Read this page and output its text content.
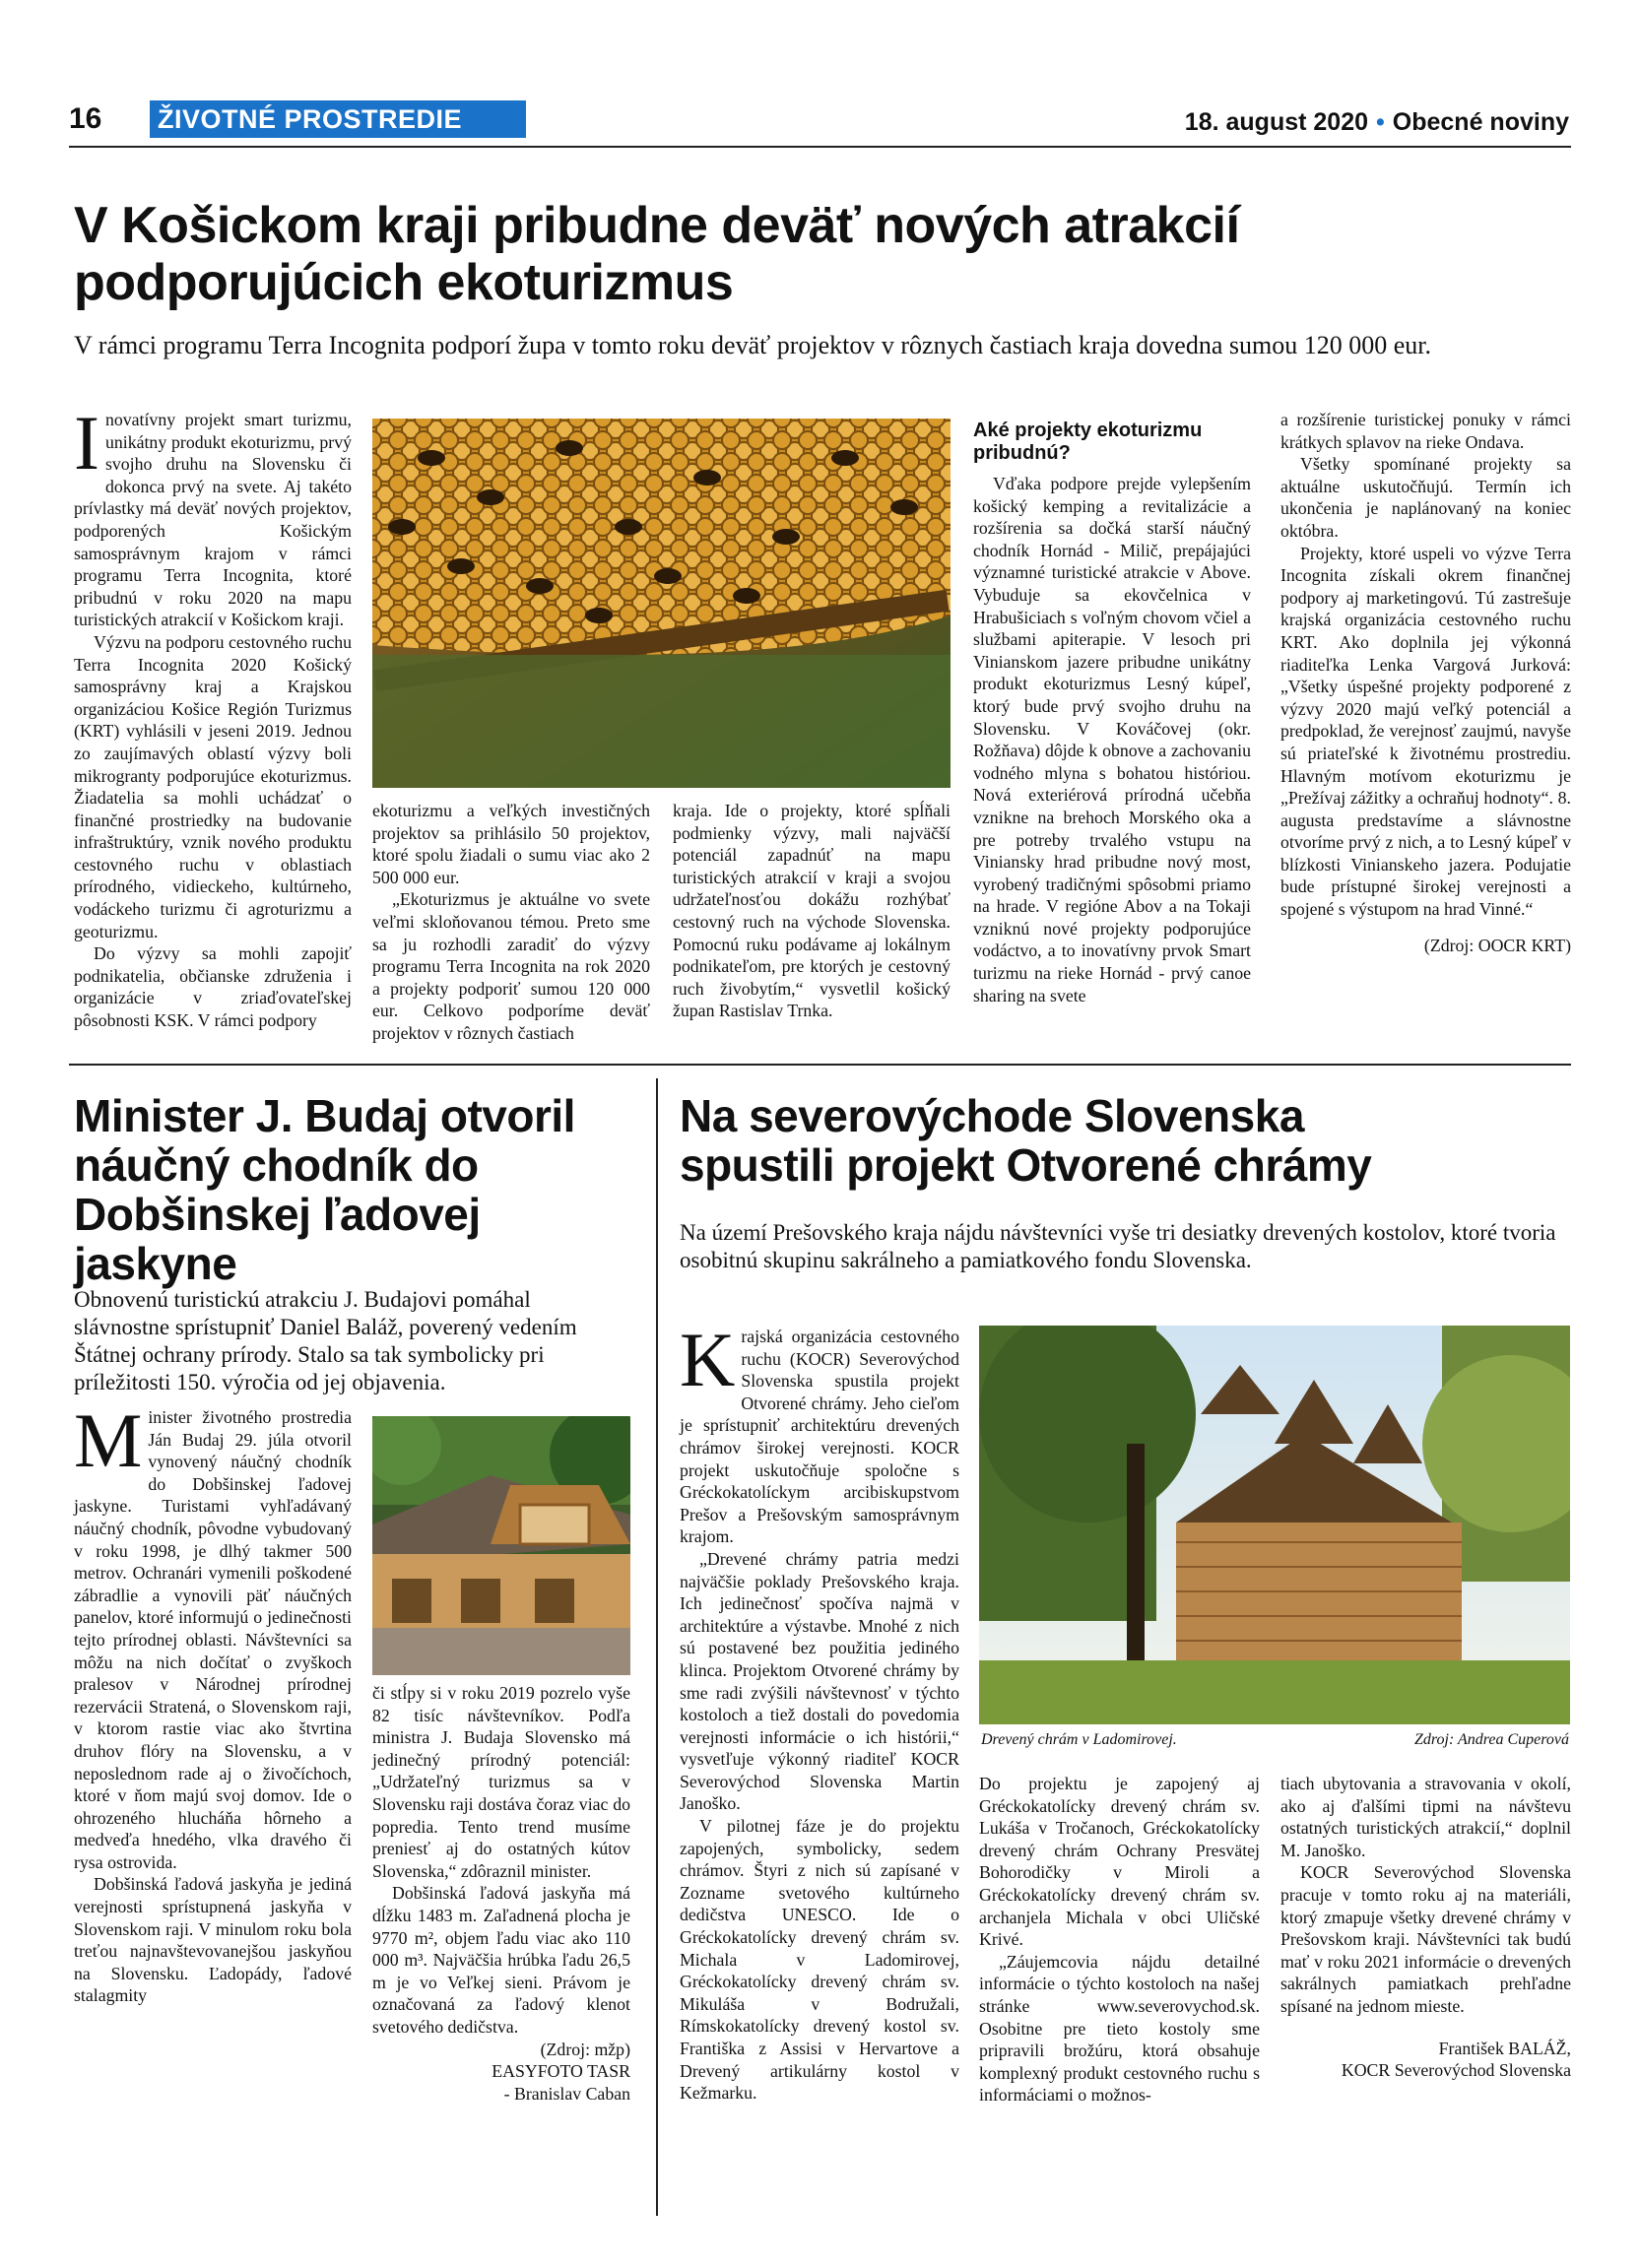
16 ŽIVOTNÉ PROSTREDIE	18. august 2020 • Obecné noviny
V Košickom kraji pribudne deväť nových atrakcií
podporujúcich ekoturizmus
V rámci programu Terra Incognita podporí župa v tomto roku deväť projektov v rôznych častiach kraja dovedna sumou 120 000 eur.

Inovatívny projekt smart turizmu, unikátny produkt ekoturizmu, prvý svojho druhu na Slovensku či dokonca prvý na svete. Aj takéto prívlastky má deväť nových projektov, podporených Košickým samosprávnym krajom v rámci programu Terra Incognita, ktoré pribudnú v roku 2020 na mapu turistických atrakcií v Košickom kraji.

Výzvu na podporu cestovného ruchu Terra Incognita 2020 Košický samosprávny kraj a Krajskou organizáciou Košice Región Turizmus (KRT) vyhlásili v jeseni 2019. Jednou zo zaujímavých oblastí výzvy boli mikrogranty podporujúce ekoturizmus. Žiadatelia sa mohli uchádzať o finančné prostriedky na budovanie infraštruktúry, vznik nového produktu cestovného ruchu v oblastiach prírodného, vidieckeho, kultúrneho, vodáckeho turizmu či agroturizmu a geoturizmu.

Do výzvy sa mohli zapojiť podnikatelia, občianske združenia i organizácie v zriaďovateľskej pôsobnosti KSK. V rámci podpory

ekoturizmu a veľkých investičných projektov sa prihlásilo 50 projektov, ktoré spolu žiadali o sumu viac ako 2 500 000 eur.

„Ekoturizmus je aktuálne vo svete veľmi skloňovanou témou. Preto sme sa ju rozhodli zaradiť do výzvy programu Terra Incognita na rok 2020 a projekty podporiť sumou 120 000 eur. Celkovo podporíme deväť projektov v rôznych častiach

kraja. Ide o projekty, ktoré spĺňali podmienky výzvy, mali najväčší potenciál zapadnúť na mapu turistických atrakcií v kraji a svojou udržateľnosťou dokážu rozhýbať cestovný ruch na východe Slovenska. Pomocnú ruku podávame aj lokálnym podnikateľom, pre ktorých je cestovný ruch živobytím,“ vysvetlil košický župan Rastislav Trnka.

Aké projekty ekoturizmu pribudnú?

Vďaka podpore prejde vylepšením košický kemping a revitalizácie a rozšírenia sa dočká starší náučný chodník Hornád - Milič, prepájajúci významné turistické atrakcie v Above. Vybuduje sa ekovčelnica v Hrabušiciach s voľným chovom včiel a službami apiterapie. V lesoch pri Vinianskom jazere pribudne unikátny produkt ekoturizmus Lesný kúpeľ, ktorý bude prvý svojho druhu na Slovensku. V Kováčovej (okr. Rožňava) dôjde k obnove a zachovaniu vodného mlyna s bohatou históriou. Nová exteriérová prírodná učebňa vznikne na brehoch Morského oka a pre potreby trvalého vstupu na Viniansky hrad pribudne nový most, vyrobený tradičnými spôsobmi priamo na hrade. V regióne Abov a na Tokaji vzniknú nové projekty podporujúce vodáctvo, a to inovatívny prvok Smart turizmu na rieke Hornád - prvý canoe sharing na svete

a rozšírenie turistickej ponuky v rámci krátkych splavov na rieke Ondava.

Všetky spomínané projekty sa aktuálne uskutočňujú. Termín ich ukončenia je naplánovaný na koniec októbra.

Projekty, ktoré uspeli vo výzve Terra Incognita získali okrem finančnej podpory aj marketingovú. Tú zastrešuje krajská organizácia cestovného ruchu KRT. Ako doplnila jej výkonná riaditeľka Lenka Vargová Jurková: „Všetky úspešné projekty podporené z výzvy 2020 majú veľký potenciál a predpoklad, že verejnosť zaujmú, navyše sú priateľské k životnému prostrediu. Hlavným motívom ekoturizmu je „Prežívaj zážitky a ochraňuj hodnoty“. 8. augusta predstavíme a slávnostne otvoríme prvý z nich, a to Lesný kúpeľ v blízkosti Vinianskeho jazera. Podujatie bude prístupné širokej verejnosti a spojené s výstupom na hrad Vinné.“

(Zdroj: OOCR KRT)

Minister J. Budaj otvoril
náučný chodník do
Dobšinskej ľadovej
jaskyne
Obnovenú turistickú atrakciu J. Budajovi pomáhal slávnostne sprístupniť Daniel Baláž, poverený vedením Štátnej ochrany prírody. Stalo sa tak symbolicky pri príležitosti 150. výročia od jej objavenia.

Minister životného prostredia Ján Budaj 29. júla otvoril vynovený náučný chodník do Dobšinskej ľadovej jaskyne. Turistami vyhľadávaný náučný chodník, pôvodne vybudovaný v roku 1998, je dlhý takmer 500 metrov. Ochranári vymenili poškodené zábradlie a vynovili päť náučných panelov, ktoré informujú o jedinečnosti tejto prírodnej oblasti. Návštevníci sa môžu na nich dočítať o zvyškoch pralesov v Národnej prírodnej rezervácii Stratená, o Slovenskom raji, v ktorom rastie viac ako štvrtina druhov flóry na Slovensku, a v neposlednom rade aj o živočíchoch, ktoré v ňom majú svoj domov. Ide o ohrozeného hlucháňa hôrneho a medveďa hnedého, vlka dravého či rysa ostrovida.

Dobšinská ľadová jaskyňa je jediná verejnosti sprístupnená jaskyňa v Slovenskom raji. V minulom roku bola treťou najnavštevovanejšou jaskyňou na Slovensku. Ľadopády, ľadové stalagmity

či stĺpy si v roku 2019 pozrelo vyše 82 tisíc návštevníkov. Podľa ministra J. Budaja Slovensko má jedinečný prírodný potenciál: „Udržateľný turizmus sa v Slovensku raji dostáva čoraz viac do popredia. Tento trend musíme preniesť aj do ostatných kútov Slovenska,“ zdôraznil minister.

Dobšinská ľadová jaskyňa má dĺžku 1483 m. Zaľadnená plocha je 9770 m², objem ľadu viac ako 110 000 m³. Najväčšia hrúbka ľadu 26,5 m je vo Veľkej sieni. Právom je označovaná za ľadový klenot svetového dedičstva.

(Zdroj: mžp)

EASYFOTO TASR

- Branislav Caban

Na severovýchode Slovenska
spustili projekt Otvorené chrámy
Na území Prešovského kraja nájdu návštevníci vyše tri desiatky drevených kostolov, ktoré tvoria osobitnú skupinu sakrálneho a pamiatkového fondu Slovenska.

Krajská organizácia cestovného ruchu (KOCR) Severovýchod Slovenska spustila projekt Otvorené chrámy. Jeho cieľom je sprístupniť architektúru drevených chrámov širokej verejnosti. KOCR projekt uskutočňuje spoločne s Gréckokatolíckym arcibiskupstvom Prešov a Prešovským samosprávnym krajom.

„Drevené chrámy patria medzi najväčšie poklady Prešovského kraja. Ich jedinečnosť spočíva najmä v architektúre a výstavbe. Mnohé z nich sú postavené bez použitia jediného klinca. Projektom Otvorené chrámy by sme radi zvýšili návštevnosť v týchto kostoloch a tiež dostali do povedomia verejnosti informácie o ich histórii,“ vysvetľuje výkonný riaditeľ KOCR Severovýchod Slovenska Martin Janoško.

V pilotnej fáze je do projektu zapojených, symbolicky, sedem chrámov. Štyri z nich sú zapísané v Zozname svetového kultúrneho dedičstva UNESCO. Ide o Gréckokatolícky drevený chrám sv. Michala v Ladomirovej, Gréckokatolícky drevený chrám sv. Mikuláša v Bodružali, Rímskokatolícky drevený kostol sv. Františka z Assisi v Hervartove a Drevený artikulárny kostol v Kežmarku.

Drevený chrám v Ladomirovej.	Zdroj: Andrea Cuperová

Do projektu je zapojený aj Gréckokatolícky drevený chrám sv. Lukáša v Tročanoch, Gréckokatolícky drevený chrám Ochrany Presvätej Bohorodičky v Miroli a Gréckokatolícky drevený chrám sv. archanjela Michala v obci Uličské Krivé.

„Záujemcovia nájdu detailné informácie o týchto kostoloch na našej stránke www.severovychod.sk. Osobitne pre tieto kostoly sme pripravili brožúru, ktorá obsahuje komplexný produkt cestovného ruchu s informáciami o možnos-

tiach ubytovania a stravovania v okolí, ako aj ďalšími tipmi na návštevu ostatných turistických atrakcií,“ doplnil M. Janoško.

KOCR Severovýchod Slovenska pracuje v tomto roku aj na materiáli, ktorý zmapuje všetky drevené chrámy v Prešovskom kraji. Návštevníci tak budú mať v roku 2021 informácie o drevených sakrálnych pamiatkach prehľadne spísané na jednom mieste.

František BALÁŽ,

KOCR Severovýchod Slovenska
